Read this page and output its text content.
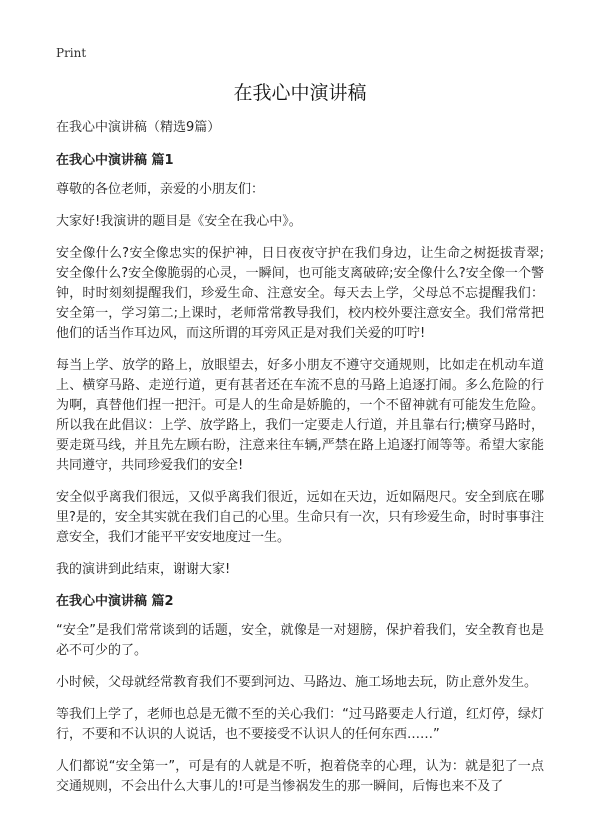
Print
在我心中演讲稿

在我心中演讲稿（精选9篇）

在我心中演讲稿 篇1

尊敬的各位老师，亲爱的小朋友们：

大家好!我演讲的题目是《安全在我心中》。

安全像什么?安全像忠实的保护神，日日夜夜守护在我们身边，让生命之树挺拔青翠;安全像什么?安全像脆弱的心灵，一瞬间，也可能支离破碎;安全像什么?安全像一个警钟，时时刻刻提醒我们，珍爱生命、注意安全。每天去上学，父母总不忘提醒我们：安全第一，学习第二;上课时，老师常常教导我们，校内校外要注意安全。我们常常把他们的话当作耳边风，而这所谓的耳旁风正是对我们关爱的叮咛!

每当上学、放学的路上，放眼望去，好多小朋友不遵守交通规则，比如走在机动车道上、横穿马路、走逆行道，更有甚者还在车流不息的马路上追逐打闹。多么危险的行为啊，真替他们捏一把汗。可是人的生命是娇脆的，一个不留神就有可能发生危险。所以我在此倡议：上学、放学路上，我们一定要走人行道，并且靠右行;横穿马路时，要走斑马线，并且先左顾右盼，注意来往车辆,严禁在路上追逐打闹等等。希望大家能共同遵守，共同珍爱我们的安全!

安全似乎离我们很远，又似乎离我们很近，远如在天边，近如隔咫尺。安全到底在哪里?是的，安全其实就在我们自己的心里。生命只有一次，只有珍爱生命，时时事事注意安全，我们才能平平安安地度过一生。

我的演讲到此结束，谢谢大家!

在我心中演讲稿 篇2

“安全”是我们常常谈到的话题，安全，就像是一对翅膀，保护着我们，安全教育也是必不可少的了。

小时候，父母就经常教育我们不要到河边、马路边、施工场地去玩，防止意外发生。

等我们上学了，老师也总是无微不至的关心我们：“过马路要走人行道，红灯停，绿灯行，不要和不认识的人说话，也不要接受不认识人的任何东西……”

人们都说“安全第一”，可是有的人就是不听，抱着侥幸的心理，认为：就是犯了一点交通规则，不会出什么大事儿的!可是当惨祸发生的那一瞬间，后悔也来不及了
